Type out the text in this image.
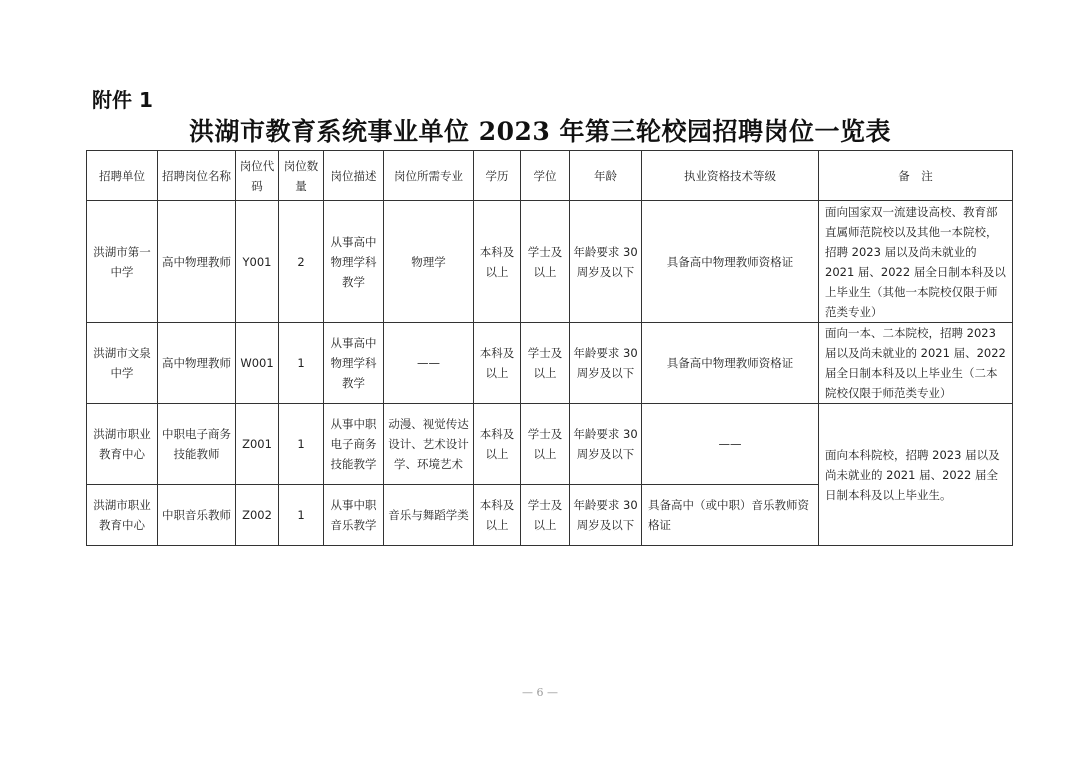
附件 1
洪湖市教育系统事业单位 2023 年第三轮校园招聘岗位一览表
招聘单位	招聘岗位名称	岗位代码	岗位数量	岗位描述	岗位所需专业	学历	学位	年龄	执业资格技术等级	备　注
洪湖市第一中学	高中物理教师	Y001	2	从事高中物理学科教学	物理学	本科及以上	学士及以上	年龄要求 30 周岁及以下	具备高中物理教师资格证	面向国家双一流建设高校、教育部直属师范院校以及其他一本院校，招聘 2023 届以及尚未就业的 2021 届、2022 届全日制本科及以上毕业生（其他一本院校仅限于师范类专业）
洪湖市文泉中学	高中物理教师	W001	1	从事高中物理学科教学	——	本科及以上	学士及以上	年龄要求 30 周岁及以下	具备高中物理教师资格证	面向一本、二本院校，招聘 2023 届以及尚未就业的 2021 届、2022 届全日制本科及以上毕业生（二本院校仅限于师范类专业）
洪湖市职业教育中心	中职电子商务技能教师	Z001	1	从事中职电子商务技能教学	动漫、视觉传达设计、艺术设计学、环境艺术	本科及以上	学士及以上	年龄要求 30 周岁及以下	——	面向本科院校，招聘 2023 届以及尚未就业的 2021 届、2022 届全日制本科及以上毕业生。
洪湖市职业教育中心	中职音乐教师	Z002	1	从事中职音乐教学	音乐与舞蹈学类	本科及以上	学士及以上	年龄要求 30 周岁及以下	具备高中（或中职）音乐教师资格证	
— 6 —
